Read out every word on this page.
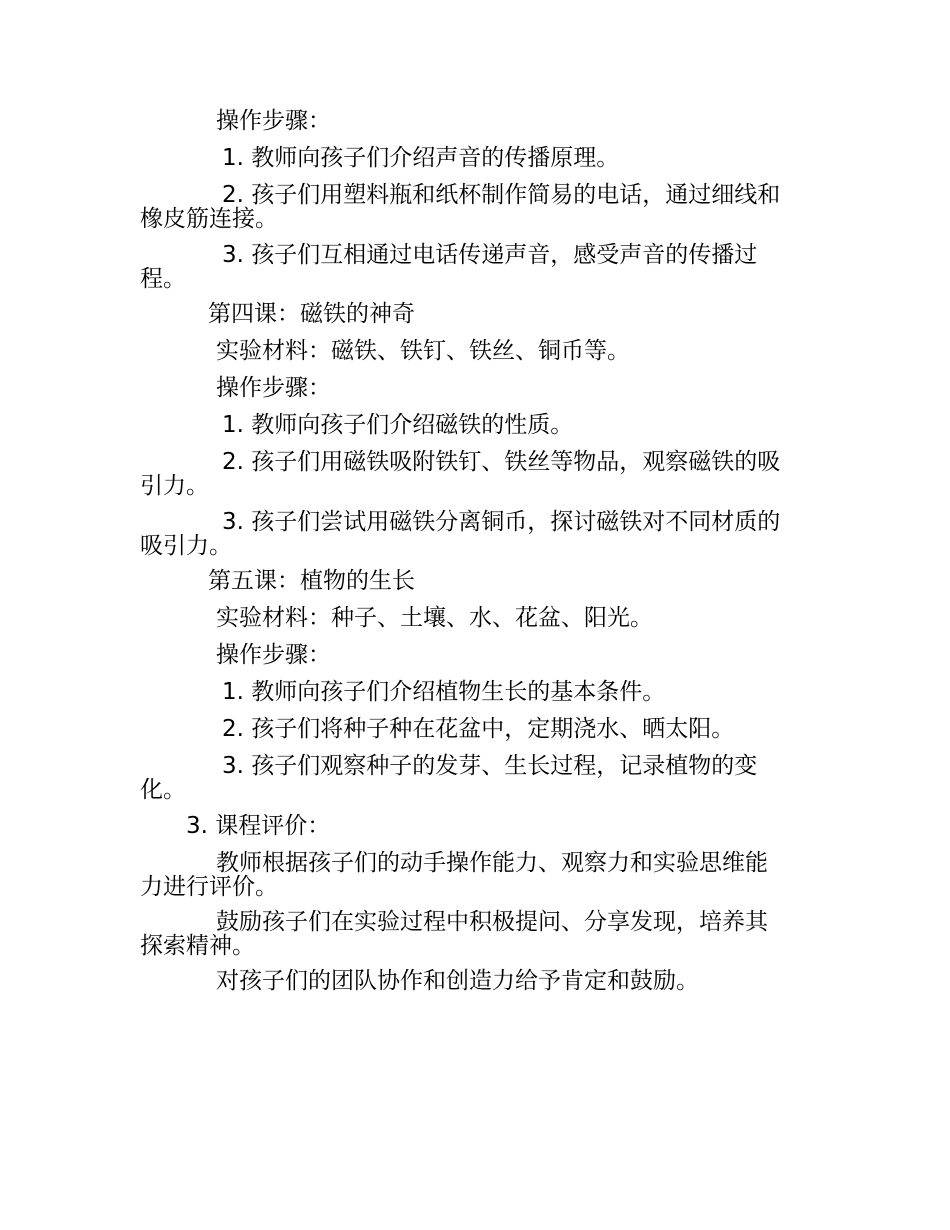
操作步骤：
1. 教师向孩子们介绍声音的传播原理。
2. 孩子们用塑料瓶和纸杯制作简易的电话，通过细线和橡皮筋连接。
3. 孩子们互相通过电话传递声音，感受声音的传播过程。
第四课：磁铁的神奇
实验材料：磁铁、铁钉、铁丝、铜币等。
操作步骤：
1. 教师向孩子们介绍磁铁的性质。
2. 孩子们用磁铁吸附铁钉、铁丝等物品，观察磁铁的吸引力。
3. 孩子们尝试用磁铁分离铜币，探讨磁铁对不同材质的吸引力。
第五课：植物的生长
实验材料：种子、土壤、水、花盆、阳光。
操作步骤：
1. 教师向孩子们介绍植物生长的基本条件。
2. 孩子们将种子种在花盆中，定期浇水、晒太阳。
3. 孩子们观察种子的发芽、生长过程，记录植物的变化。
3. 课程评价：
教师根据孩子们的动手操作能力、观察力和实验思维能力进行评价。
鼓励孩子们在实验过程中积极提问、分享发现，培养其探索精神。
对孩子们的团队协作和创造力给予肯定和鼓励。
